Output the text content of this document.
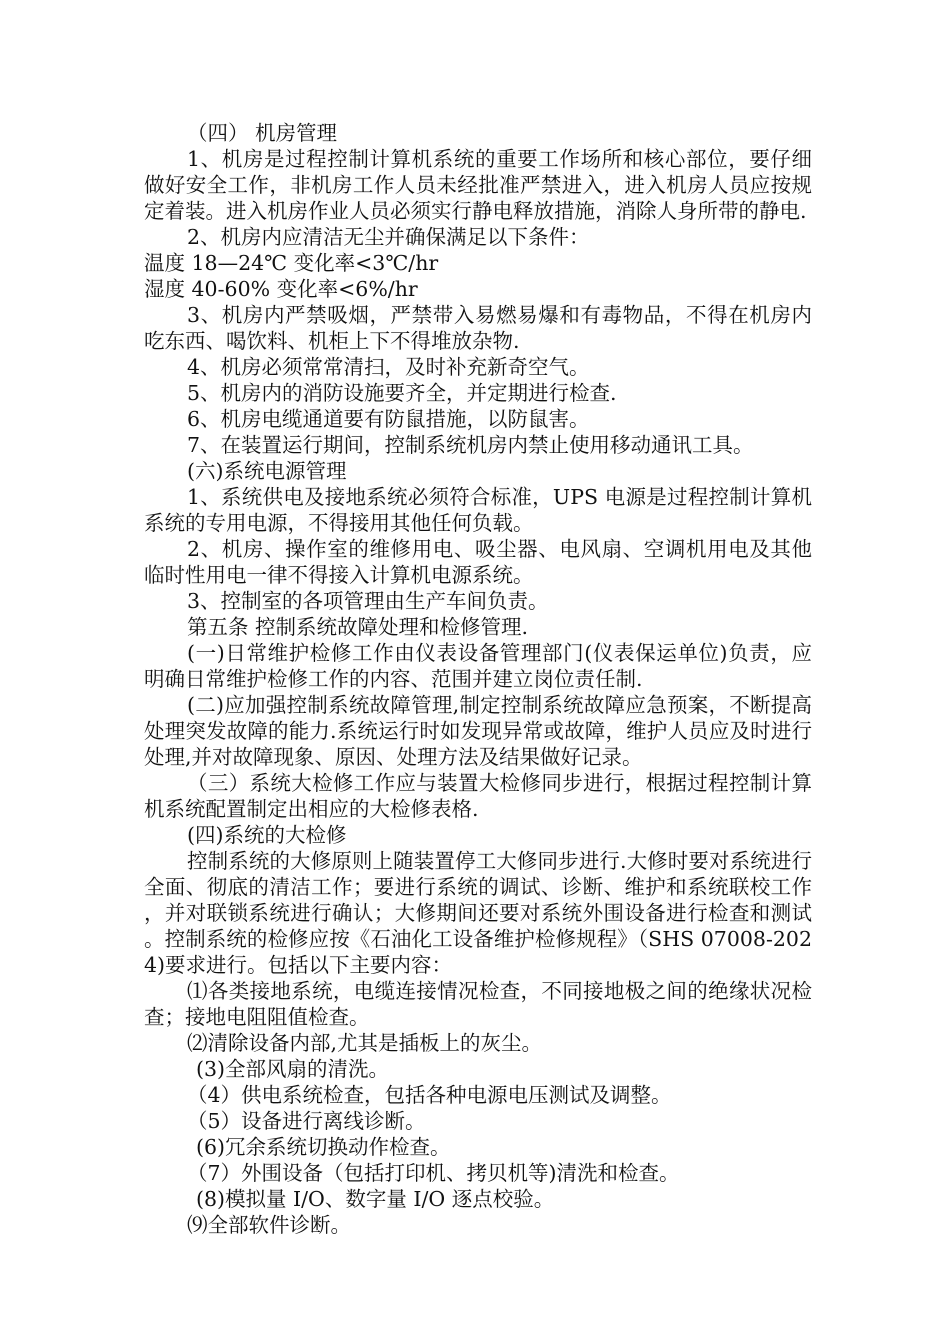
（四） 机房管理

1、机房是过程控制计算机系统的重要工作场所和核心部位，要仔细做好安全工作，非机房工作人员未经批准严禁进入，进入机房人员应按规定着装。进入机房作业人员必须实行静电释放措施，消除人身所带的静电.

2、机房内应清洁无尘并确保满足以下条件：

温度 18—24℃ 变化率<3℃/hr

湿度 40-60% 变化率<6%/hr

3、机房内严禁吸烟，严禁带入易燃易爆和有毒物品，不得在机房内吃东西、喝饮料、机柜上下不得堆放杂物.

4、机房必须常常清扫，及时补充新奇空气。

5、机房内的消防设施要齐全，并定期进行检查.

6、机房电缆通道要有防鼠措施，以防鼠害。

7、在装置运行期间，控制系统机房内禁止使用移动通讯工具。

(六)系统电源管理

1、系统供电及接地系统必须符合标准，UPS 电源是过程控制计算机系统的专用电源，不得接用其他任何负载。

2、机房、操作室的维修用电、吸尘器、电风扇、空调机用电及其他临时性用电一律不得接入计算机电源系统。

3、控制室的各项管理由生产车间负责。

第五条 控制系统故障处理和检修管理.

(一)日常维护检修工作由仪表设备管理部门(仪表保运单位)负责，应明确日常维护检修工作的内容、范围并建立岗位责任制.

(二)应加强控制系统故障管理,制定控制系统故障应急预案，不断提高处理突发故障的能力.系统运行时如发现异常或故障，维护人员应及时进行处理,并对故障现象、原因、处理方法及结果做好记录。

（三）系统大检修工作应与装置大检修同步进行，根据过程控制计算机系统配置制定出相应的大检修表格.

(四)系统的大检修

控制系统的大修原则上随装置停工大修同步进行.大修时要对系统进行全面、彻底的清洁工作；要进行系统的调试、诊断、维护和系统联校工作，并对联锁系统进行确认；大修期间还要对系统外围设备进行检查和测试。控制系统的检修应按《石油化工设备维护检修规程》（SHS 07008-2024)要求进行。包括以下主要内容：

⑴各类接地系统，电缆连接情况检查，不同接地极之间的绝缘状况检查；接地电阻阻值检查。

⑵清除设备内部,尤其是插板上的灰尘。

(3)全部风扇的清洗。

（4）供电系统检查，包括各种电源电压测试及调整。

（5）设备进行离线诊断。

(6)冗余系统切换动作检查。

（7）外围设备（包括打印机、拷贝机等)清洗和检查。

(8)模拟量 I/O、数字量 I/O 逐点校验。

⑼全部软件诊断。
